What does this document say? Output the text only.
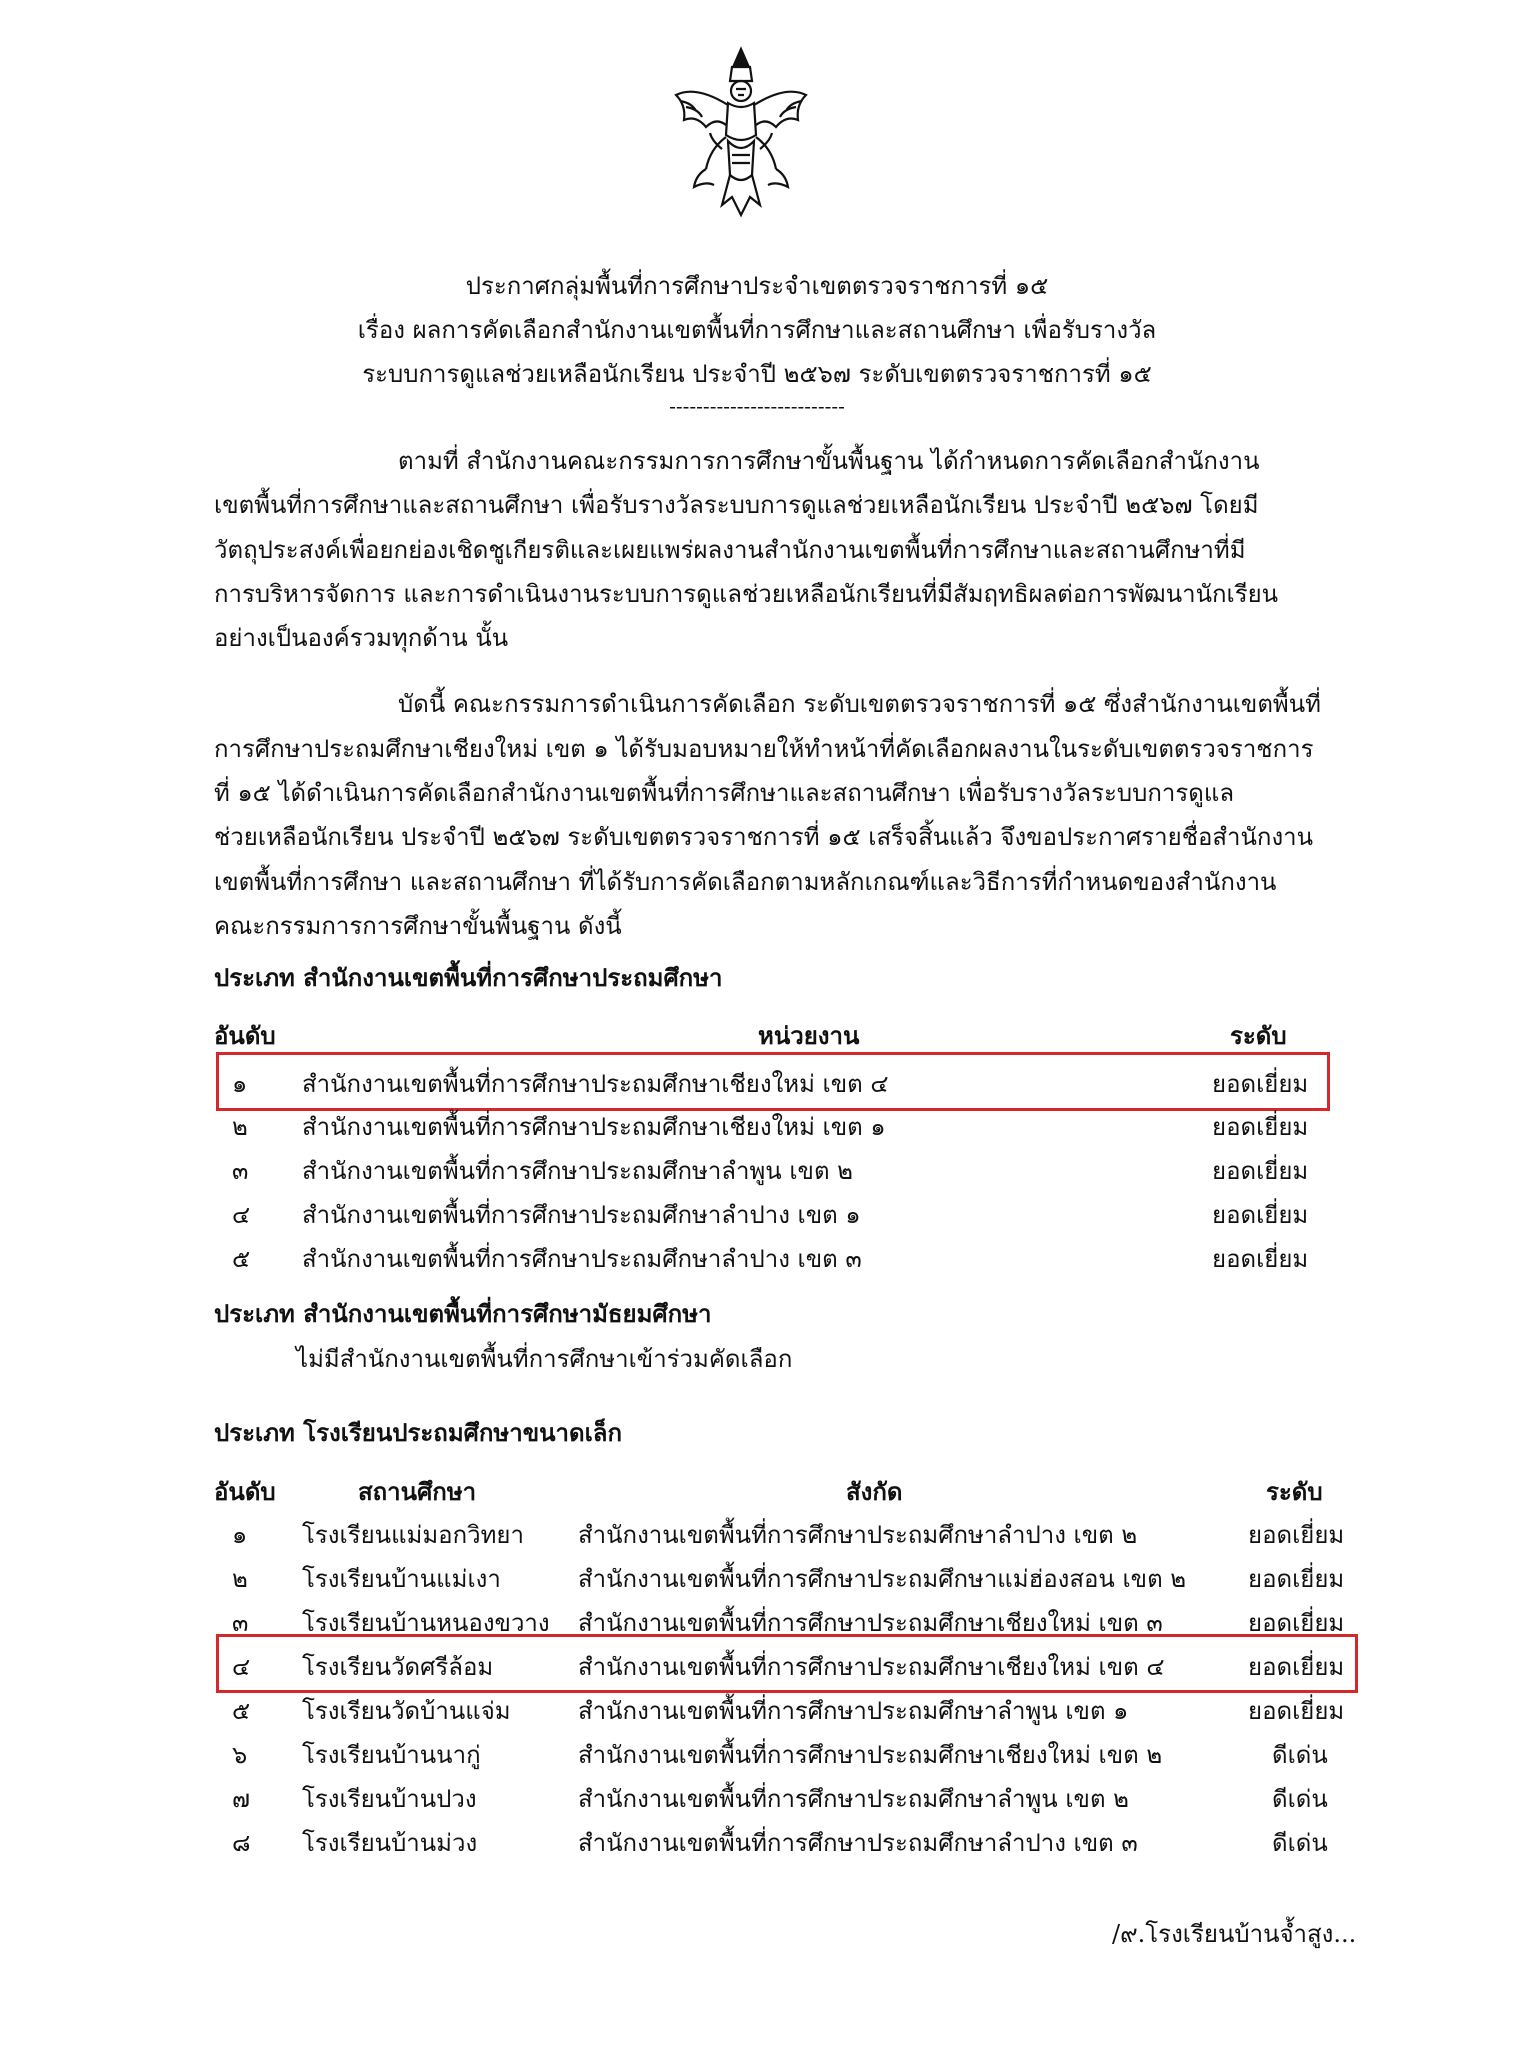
ประกาศกลุ่มพื้นที่การศึกษาประจำเขตตรวจราชการที่ ๑๕
เรื่อง ผลการคัดเลือกสำนักงานเขตพื้นที่การศึกษาและสถานศึกษา เพื่อรับรางวัล
ระบบการดูแลช่วยเหลือนักเรียน ประจำปี ๒๕๖๗ ระดับเขตตรวจราชการที่ ๑๕
--------------------------
ตามที่ สำนักงานคณะกรรมการการศึกษาขั้นพื้นฐาน ได้กำหนดการคัดเลือกสำนักงาน
เขตพื้นที่การศึกษาและสถานศึกษา เพื่อรับรางวัลระบบการดูแลช่วยเหลือนักเรียน ประจำปี ๒๕๖๗ โดยมี
วัตถุประสงค์เพื่อยกย่องเชิดชูเกียรติและเผยแพร่ผลงานสำนักงานเขตพื้นที่การศึกษาและสถานศึกษาที่มี
การบริหารจัดการ และการดำเนินงานระบบการดูแลช่วยเหลือนักเรียนที่มีสัมฤทธิผลต่อการพัฒนานักเรียน
อย่างเป็นองค์รวมทุกด้าน นั้น
บัดนี้ คณะกรรมการดำเนินการคัดเลือก ระดับเขตตรวจราชการที่ ๑๕ ซึ่งสำนักงานเขตพื้นที่
การศึกษาประถมศึกษาเชียงใหม่ เขต ๑ ได้รับมอบหมายให้ทำหน้าที่คัดเลือกผลงานในระดับเขตตรวจราชการ
ที่ ๑๕ ได้ดำเนินการคัดเลือกสำนักงานเขตพื้นที่การศึกษาและสถานศึกษา เพื่อรับรางวัลระบบการดูแล
ช่วยเหลือนักเรียน ประจำปี ๒๕๖๗ ระดับเขตตรวจราชการที่ ๑๕ เสร็จสิ้นแล้ว จึงขอประกาศรายชื่อสำนักงาน
เขตพื้นที่การศึกษา และสถานศึกษา ที่ได้รับการคัดเลือกตามหลักเกณฑ์และวิธีการที่กำหนดของสำนักงาน
คณะกรรมการการศึกษาขั้นพื้นฐาน ดังนี้
ประเภท สำนักงานเขตพื้นที่การศึกษาประถมศึกษา
อันดับ	หน่วยงาน	ระดับ
๑ สำนักงานเขตพื้นที่การศึกษาประถมศึกษาเชียงใหม่ เขต ๔	ยอดเยี่ยม
๒ สำนักงานเขตพื้นที่การศึกษาประถมศึกษาเชียงใหม่ เขต ๑	ยอดเยี่ยม
๓ สำนักงานเขตพื้นที่การศึกษาประถมศึกษาลำพูน เขต ๒	ยอดเยี่ยม
๔ สำนักงานเขตพื้นที่การศึกษาประถมศึกษาลำปาง เขต ๑	ยอดเยี่ยม
๕ สำนักงานเขตพื้นที่การศึกษาประถมศึกษาลำปาง เขต ๓	ยอดเยี่ยม
ประเภท สำนักงานเขตพื้นที่การศึกษามัธยมศึกษา
ไม่มีสำนักงานเขตพื้นที่การศึกษาเข้าร่วมคัดเลือก
ประเภท โรงเรียนประถมศึกษาขนาดเล็ก
อันดับ	สถานศึกษา	สังกัด	ระดับ
๑ โรงเรียนแม่มอกวิทยา สำนักงานเขตพื้นที่การศึกษาประถมศึกษาลำปาง เขต ๒	ยอดเยี่ยม
๒ โรงเรียนบ้านแม่เงา	สำนักงานเขตพื้นที่การศึกษาประถมศึกษาแม่ฮ่องสอน เขต ๒	ยอดเยี่ยม
๓ โรงเรียนบ้านหนองขวาง สำนักงานเขตพื้นที่การศึกษาประถมศึกษาเชียงใหม่ เขต ๓	ยอดเยี่ยม
๔ โรงเรียนวัดศรีล้อม	สำนักงานเขตพื้นที่การศึกษาประถมศึกษาเชียงใหม่ เขต ๔	ยอดเยี่ยม
๕ โรงเรียนวัดบ้านแจ่ม	สำนักงานเขตพื้นที่การศึกษาประถมศึกษาลำพูน เขต ๑	ยอดเยี่ยม
๖ โรงเรียนบ้านนากู่	สำนักงานเขตพื้นที่การศึกษาประถมศึกษาเชียงใหม่ เขต ๒	ดีเด่น
๗ โรงเรียนบ้านปวง	สำนักงานเขตพื้นที่การศึกษาประถมศึกษาลำพูน เขต ๒	ดีเด่น
๘ โรงเรียนบ้านม่วง	สำนักงานเขตพื้นที่การศึกษาประถมศึกษาลำปาง เขต ๓	ดีเด่น
/๙.โรงเรียนบ้านจ้ำสูง...
